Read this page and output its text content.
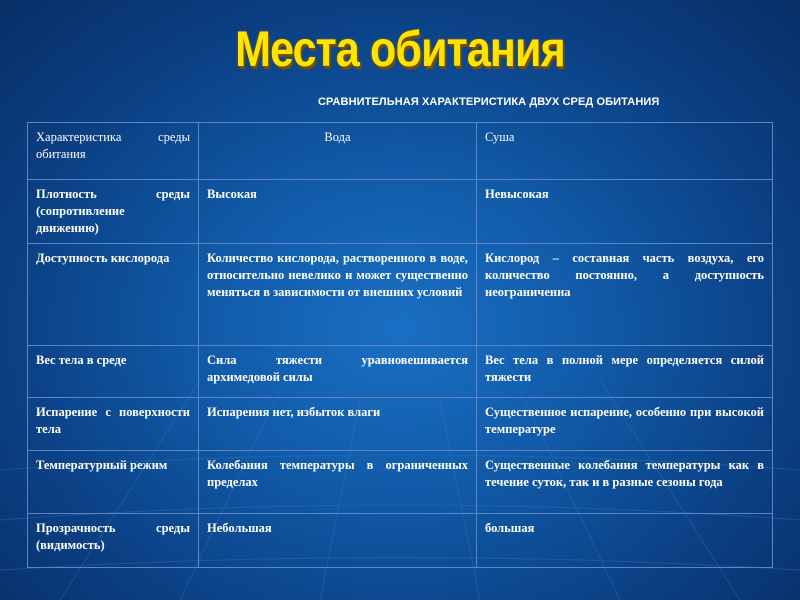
Места обитания
СРАВНИТЕЛЬНАЯ ХАРАКТЕРИСТИКА ДВУХ СРЕД ОБИТАНИЯ
Характеристика среды обитания	Вода	Суша
Плотность среды (сопротивление движению)	Высокая	Невысокая
Доступность кислорода	Количество кислорода, растворенного в воде, относительно невелико и может существенно меняться в зависимости от внешних условий	Кислород – составная часть воздуха, его количество постоянно, а доступность неограниченна
Вес тела в среде	Сила тяжести уравновешивается архимедовой силы	Вес тела в полной мере определяется силой тяжести
Испарение с поверхности тела	Испарения нет, избыток влаги	Существенное испарение, особенно при высокой температуре
Температурный режим	Колебания температуры в ограниченных пределах	Существенные колебания температуры как в течение суток, так и в разные сезоны года
Прозрачность среды (видимость)	Небольшая	большая
